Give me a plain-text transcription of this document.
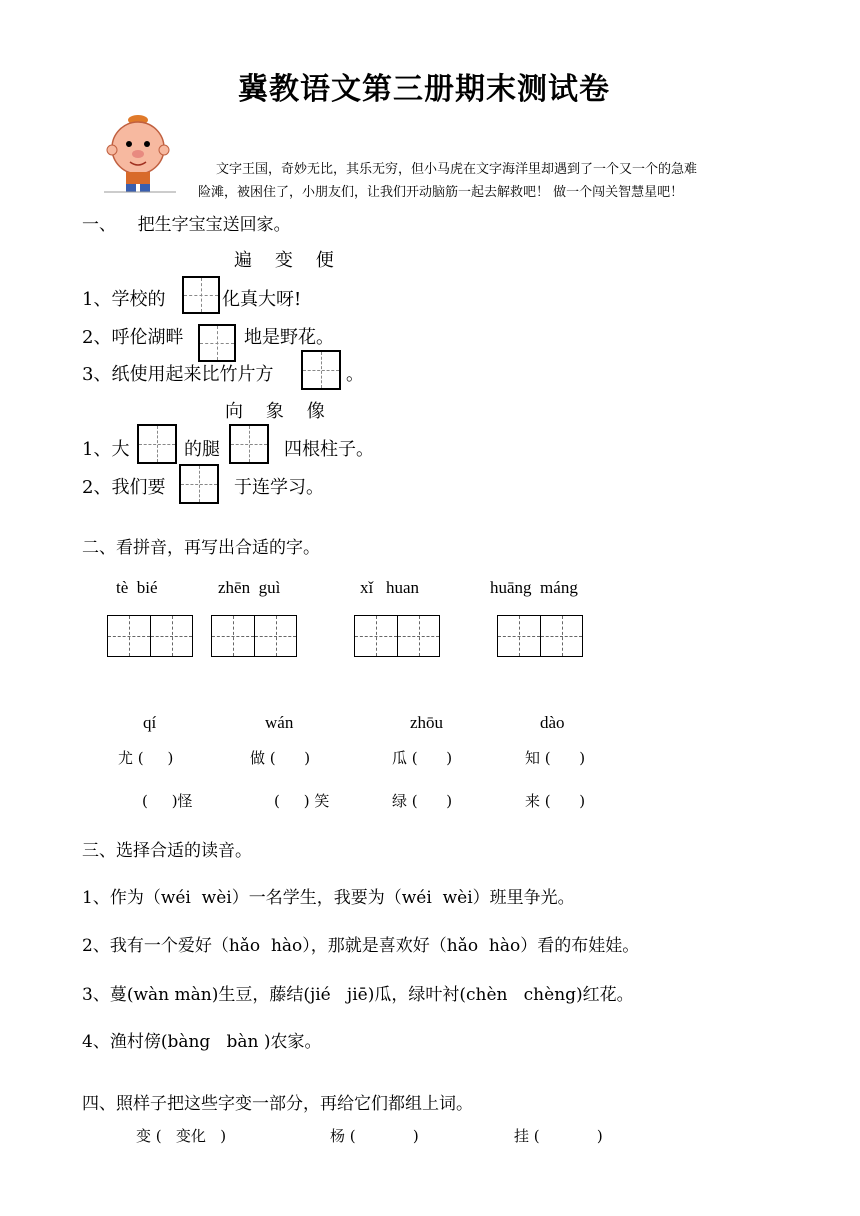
冀教语文第三册期末测试卷
文字王国，奇妙无比，其乐无穷，但小马虎在文字海洋里却遇到了一个又一个的急难
险滩，被困住了，小朋友们，让我们开动脑筋一起去解救吧！ 做一个闯关智慧星吧！
一、    把生字宝宝送回家。
遍    变    便
1、学校的	化真大呀!
2、呼伦湖畔	地是野花。
3、纸使用起来比竹片方	。
向    象    像
1、大	的腿	四根柱子。
2、我们要	于连学习。
二、看拼音，再写出合适的字。
tè  bié	zhēn  guì	xǐ   huan	huāng  máng
qí	wán	zhōu	dào
尤 (     )	做 (      )	瓜 (      )	知 (      )
(     )怪	(     ) 笑	绿 (      )	来 (      )
三、选择合适的读音。
1、作为（wéi  wèi）一名学生，我要为（wéi  wèi）班里争光。
2、我有一个爱好（hǎo  hào），那就是喜欢好（hǎo  hào）看的布娃娃。
3、蔓(wàn màn)生豆，藤结(jié   jiē)瓜，绿叶衬(chèn   chèng)红花。
4、渔村傍(bàng   bàn )农家。
四、照样子把这些字变一部分，再给它们都组上词。
变 (   变化   )	杨 (            )	挂 (            )
